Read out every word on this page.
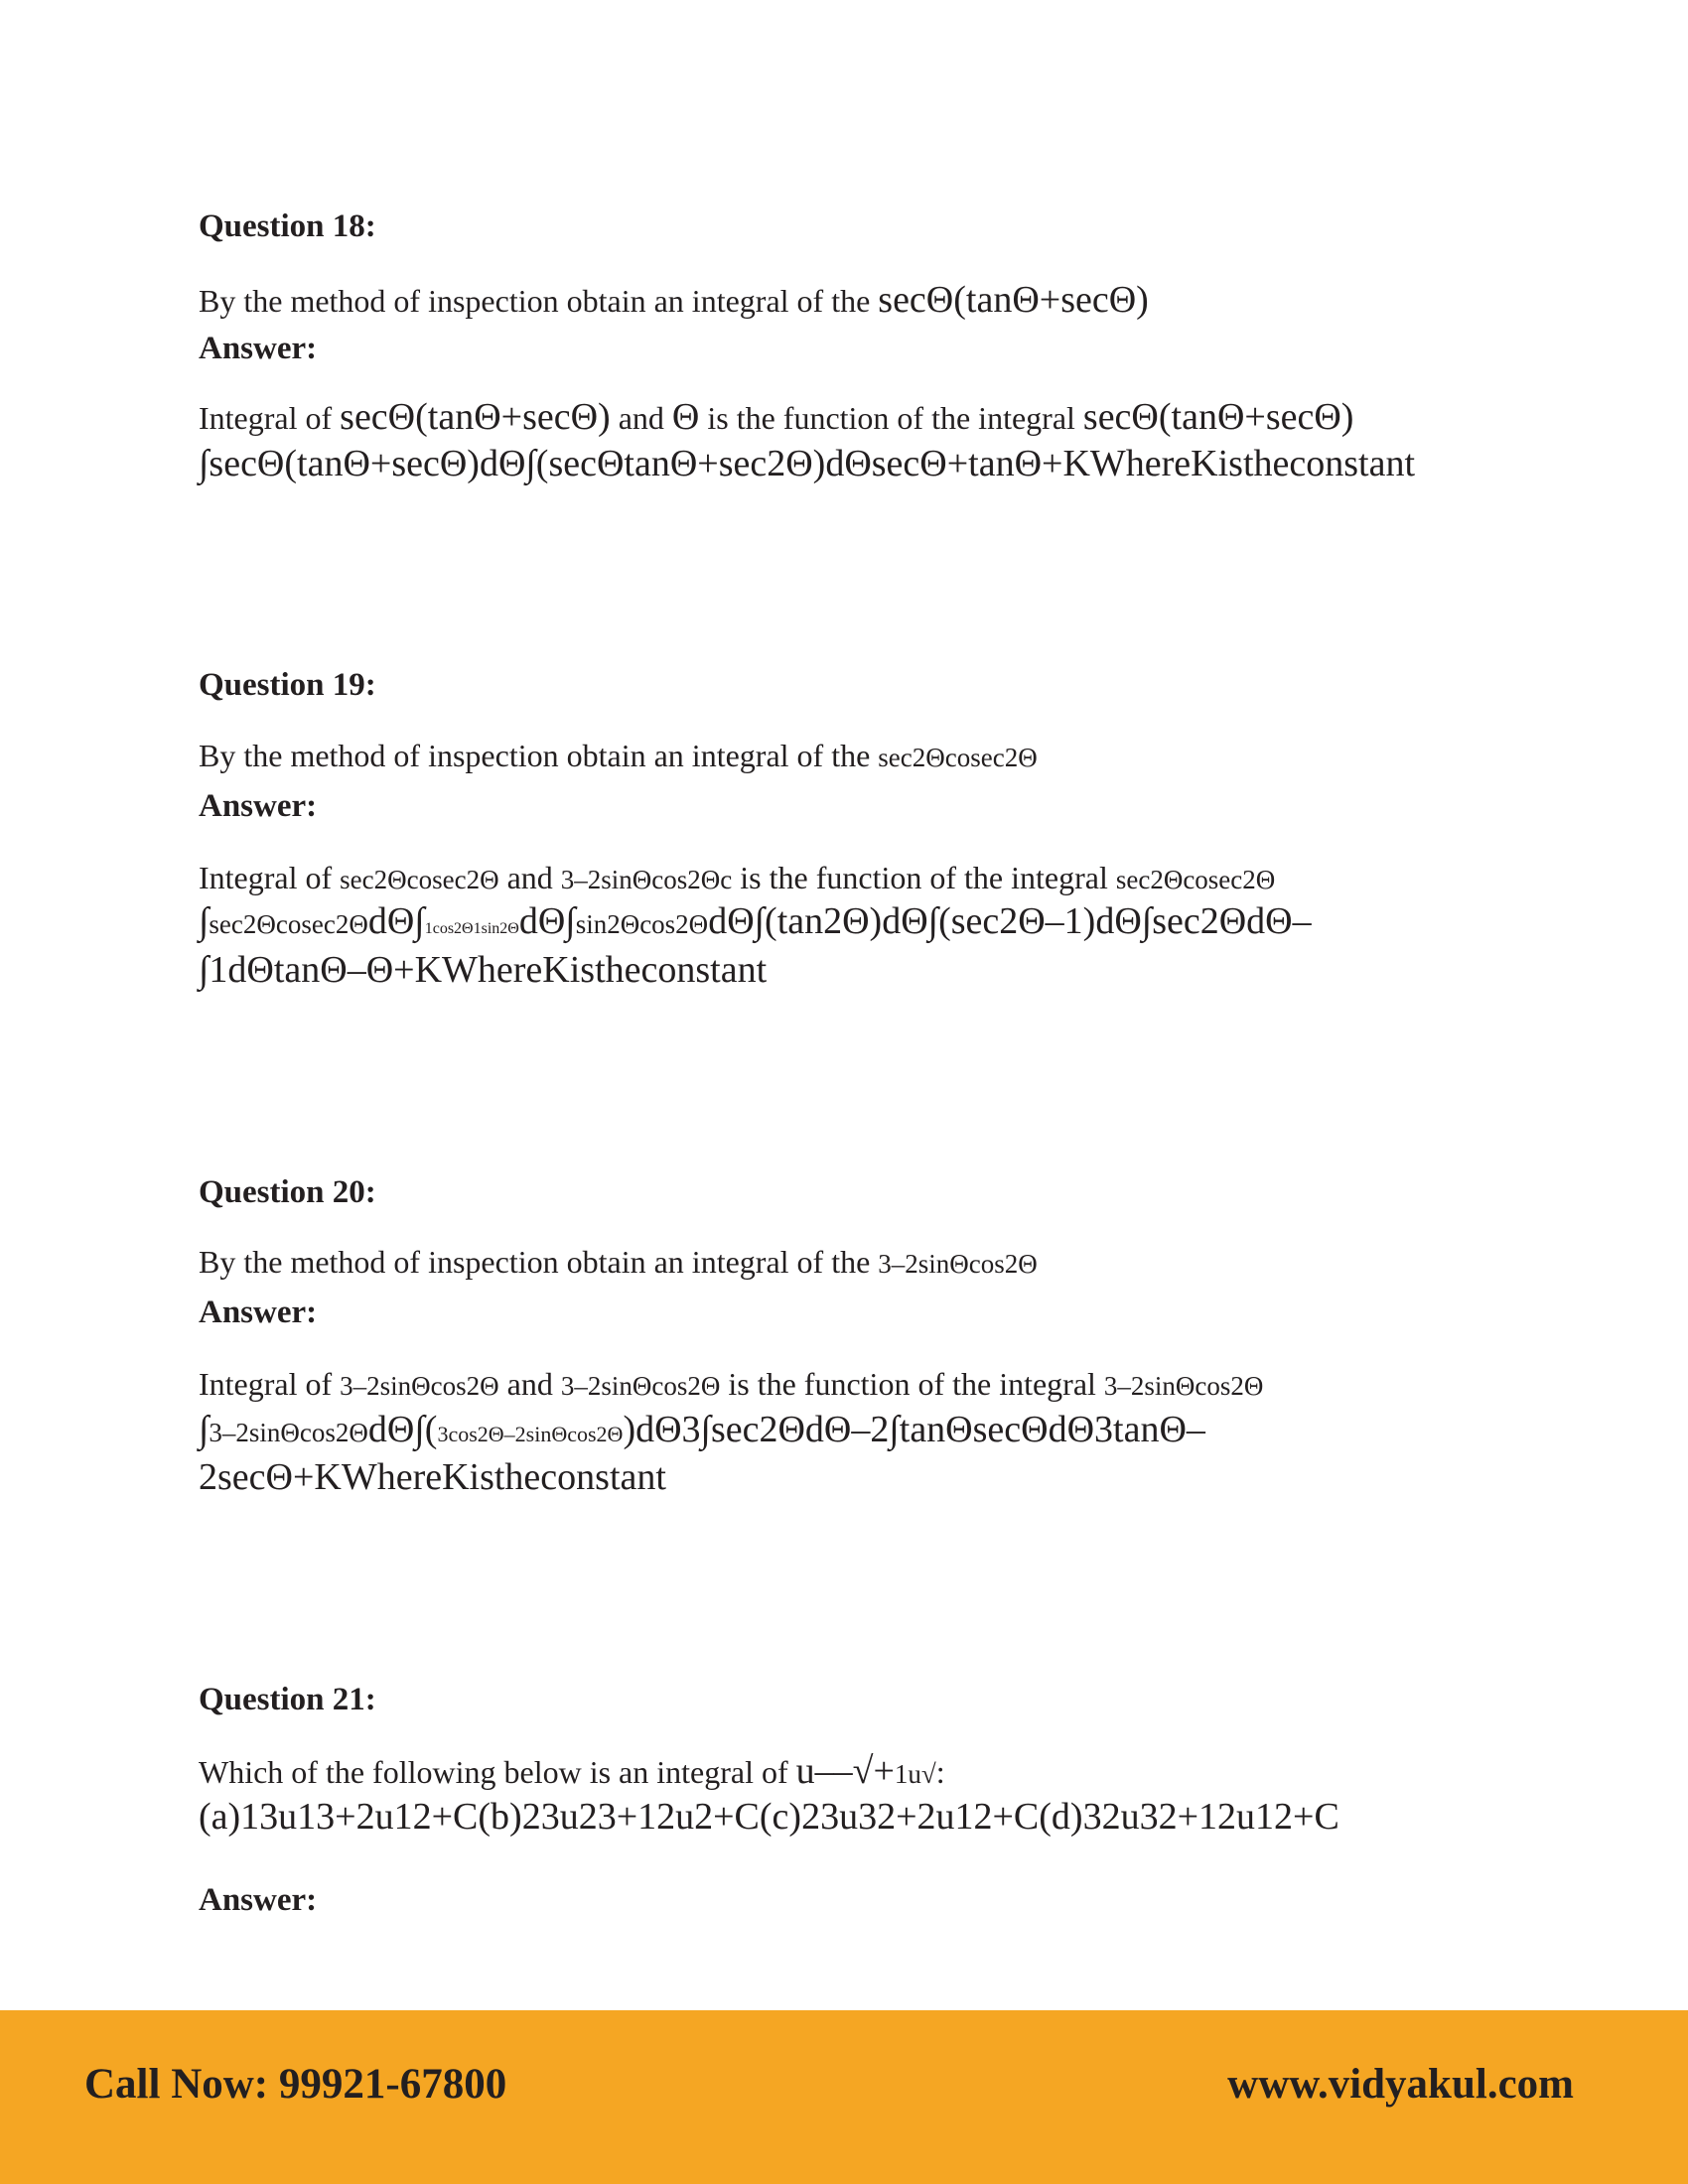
Question 18:
By the method of inspection obtain an integral of the secΘ(tanΘ+secΘ)
Answer:
Integral of secΘ(tanΘ+secΘ) and Θ is the function of the integral secΘ(tanΘ+secΘ)
∫secΘ(tanΘ+secΘ)dΘ∫(secΘtanΘ+sec2Θ)dΘsecΘ+tanΘ+KWhereKistheconstant
Question 19:
By the method of inspection obtain an integral of the sec2Θcosec2Θ
Answer:
Integral of sec2Θcosec2Θ and 3–2sinΘcos2Θc is the function of the integral sec2Θcosec2Θ
∫sec2Θcosec2ΘdΘ∫1cos2Θ1sin2ΘdΘ∫sin2Θcos2ΘdΘ∫(tan2Θ)dΘ∫(sec2Θ–1)dΘ∫sec2ΘdΘ–
∫1dΘtanΘ–Θ+KWhereKistheconstant
Question 20:
By the method of inspection obtain an integral of the 3–2sinΘcos2Θ
Answer:
Integral of 3–2sinΘcos2Θ and 3–2sinΘcos2Θ is the function of the integral 3–2sinΘcos2Θ
∫3–2sinΘcos2ΘdΘ∫(3cos2Θ–2sinΘcos2Θ)dΘ3∫sec2ΘdΘ–2∫tanΘsecΘdΘ3tanΘ–
2secΘ+KWhereKistheconstant
Question 21:
Which of the following below is an integral of u––√+1u√:
(a)13u13+2u12+C(b)23u23+12u2+C(c)23u32+2u12+C(d)32u32+12u12+C
Answer:
Call Now: 99921-67800	www.vidyakul.com
